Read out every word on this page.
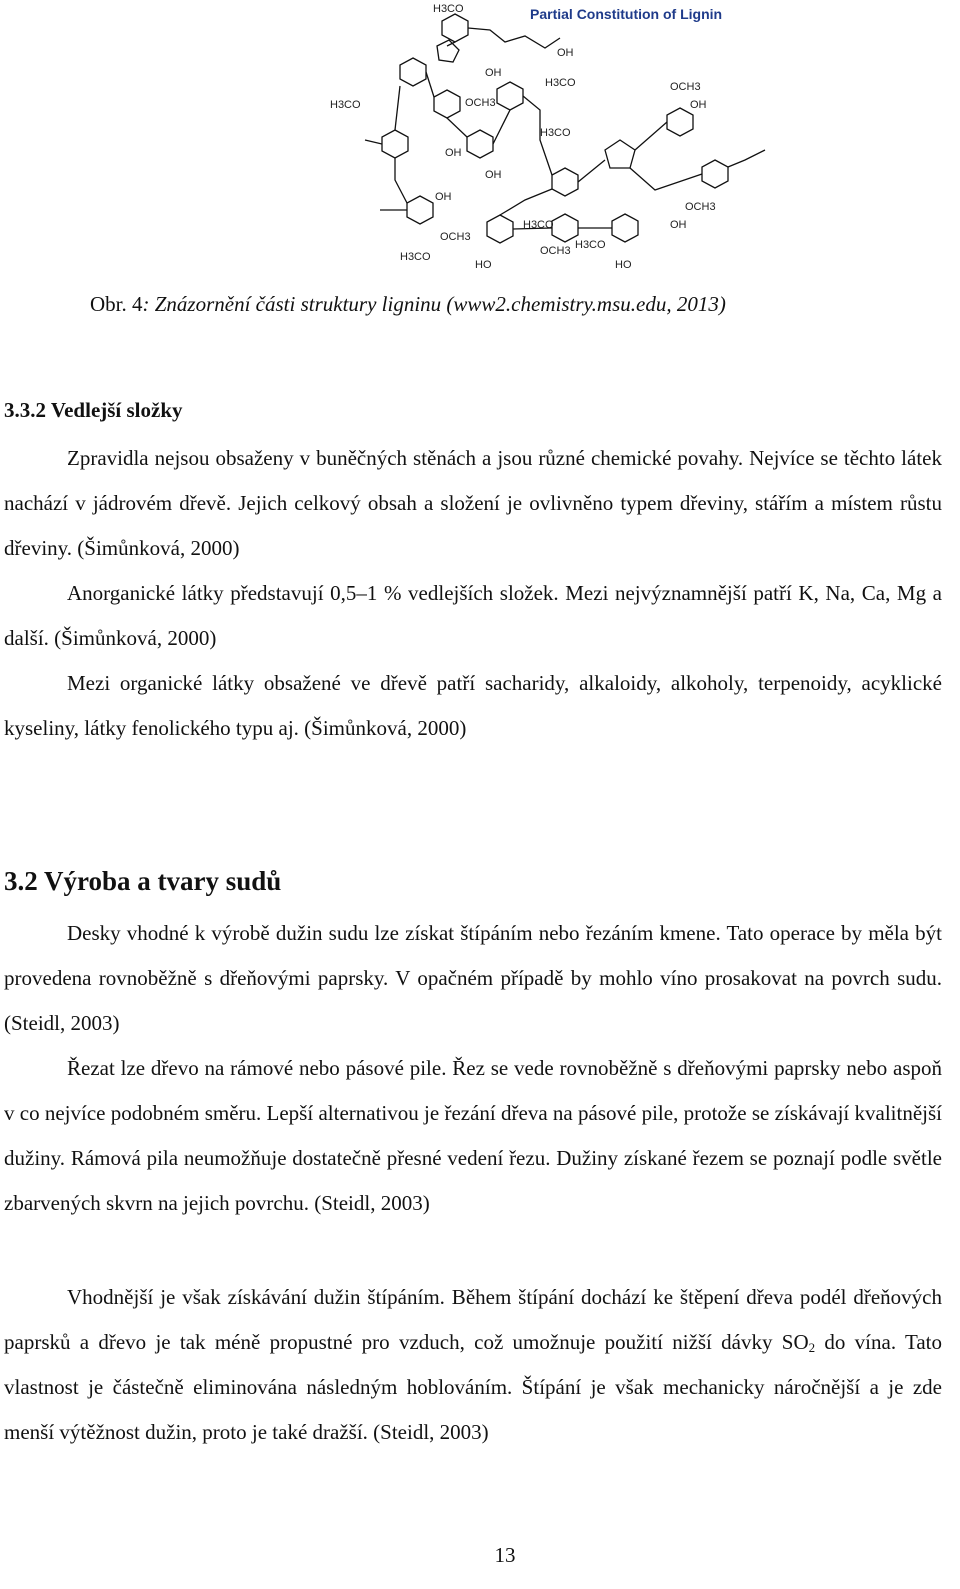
Partial Constitution of Lignin
H3CO
OH
OH
H3CO
H3CO	OCH3
OCH3
OH
H3CO
OH
OH
OCH3
OH
H3CO
OCH3 H3CO
OH
H3CO
HO
OCH3
HO
Obr. 4: Znázornění části struktury ligninu (www2.chemistry.msu.edu, 2013)
3.3.2 Vedlejší složky
Zpravidla nejsou obsaženy v buněčných stěnách a jsou různé chemické povahy. Nejvíce se těchto látek nachází v jádrovém dřevě. Jejich celkový obsah a složení je ovlivněno typem dřeviny, stářím a místem růstu dřeviny. (Šimůnková, 2000)
Anorganické látky představují 0,5–1 % vedlejších složek. Mezi nejvýznamnější patří K, Na, Ca, Mg a další. (Šimůnková, 2000)
Mezi organické látky obsažené ve dřevě patří sacharidy, alkaloidy, alkoholy, terpenoidy, acyklické kyseliny, látky fenolického typu aj. (Šimůnková, 2000)
3.2 Výroba a tvary sudů
Desky vhodné k výrobě dužin sudu lze získat štípáním nebo řezáním kmene. Tato operace by měla být provedena rovnoběžně s dřeňovými paprsky. V opačném případě by mohlo víno prosakovat na povrch sudu. (Steidl, 2003)
Řezat lze dřevo na rámové nebo pásové pile. Řez se vede rovnoběžně s dřeňovými paprsky nebo aspoň v co nejvíce podobném směru. Lepší alternativou je řezání dřeva na pásové pile, protože se získávají kvalitnější dužiny. Rámová pila neumožňuje dostatečně přesné vedení řezu. Dužiny získané řezem se poznají podle světle zbarvených skvrn na jejich povrchu. (Steidl, 2003)
Vhodnější je však získávání dužin štípáním. Během štípání dochází ke štěpení dřeva podél dřeňových paprsků a dřevo je tak méně propustné pro vzduch, což umožnuje použití nižší dávky $SO_2$ do vína. Tato vlastnost je částečně eliminována následným hoblováním. Štípání je však mechanicky náročnější a je zde menší výtěžnost dužin, proto je také dražší. (Steidl, 2003)
13
